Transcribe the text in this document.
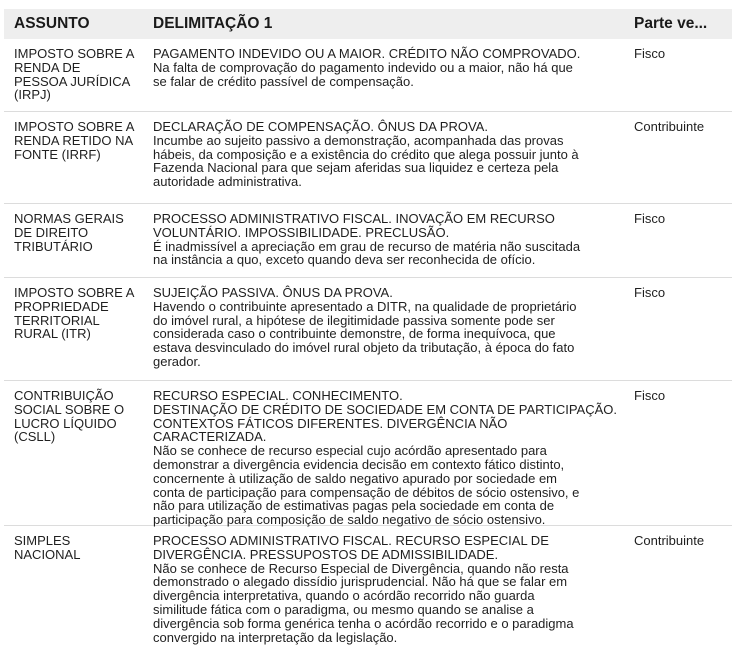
ASSUNTO	DELIMITAÇÃO 1	Parte ve...
IMPOSTO SOBRE A
RENDA DE
PESSOA JURÍDICA
(IRPJ)
PAGAMENTO INDEVIDO OU A MAIOR. CRÉDITO NÃO COMPROVADO.
Na falta de comprovação do pagamento indevido ou a maior, não há que
se falar de crédito passível de compensação.
Fisco
IMPOSTO SOBRE A
RENDA RETIDO NA
FONTE (IRRF)
DECLARAÇÃO DE COMPENSAÇÃO. ÔNUS DA PROVA.
Incumbe ao sujeito passivo a demonstração, acompanhada das provas
hábeis, da composição e a existência do crédito que alega possuir junto à
Fazenda Nacional para que sejam aferidas sua liquidez e certeza pela
autoridade administrativa.
Contribuinte
NORMAS GERAIS
DE DIREITO
TRIBUTÁRIO
PROCESSO ADMINISTRATIVO FISCAL. INOVAÇÃO EM RECURSO
VOLUNTÁRIO. IMPOSSIBILIDADE. PRECLUSÃO.
É inadmissível a apreciação em grau de recurso de matéria não suscitada
na instância a quo, exceto quando deva ser reconhecida de ofício.
Fisco
IMPOSTO SOBRE A
PROPRIEDADE
TERRITORIAL
RURAL (ITR)
SUJEIÇÃO PASSIVA. ÔNUS DA PROVA.
Havendo o contribuinte apresentado a DITR, na qualidade de proprietário
do imóvel rural, a hipótese de ilegitimidade passiva somente pode ser
considerada caso o contribuinte demonstre, de forma inequívoca, que
estava desvinculado do imóvel rural objeto da tributação, à época do fato
gerador.
Fisco
CONTRIBUIÇÃO
SOCIAL SOBRE O
LUCRO LÍQUIDO
(CSLL)
RECURSO ESPECIAL. CONHECIMENTO.
DESTINAÇÃO DE CRÉDITO DE SOCIEDADE EM CONTA DE PARTICIPAÇÃO.
CONTEXTOS FÁTICOS DIFERENTES. DIVERGÊNCIA NÃO CARACTERIZADA.
Não se conhece de recurso especial cujo acórdão apresentado para
demonstrar a divergência evidencia decisão em contexto fático distinto,
concernente à utilização de saldo negativo apurado por sociedade em
conta de participação para compensação de débitos de sócio ostensivo, e
não para utilização de estimativas pagas pela sociedade em conta de
participação para composição de saldo negativo de sócio ostensivo.
Fisco
SIMPLES
NACIONAL
PROCESSO ADMINISTRATIVO FISCAL. RECURSO ESPECIAL DE
DIVERGÊNCIA. PRESSUPOSTOS DE ADMISSIBILIDADE.
Não se conhece de Recurso Especial de Divergência, quando não resta
demonstrado o alegado dissídio jurisprudencial. Não há que se falar em
divergência interpretativa, quando o acórdão recorrido não guarda
similitude fática com o paradigma, ou mesmo quando se analise a
divergência sob forma genérica tenha o acórdão recorrido e o paradigma
convergido na interpretação da legislação.
Contribuinte
